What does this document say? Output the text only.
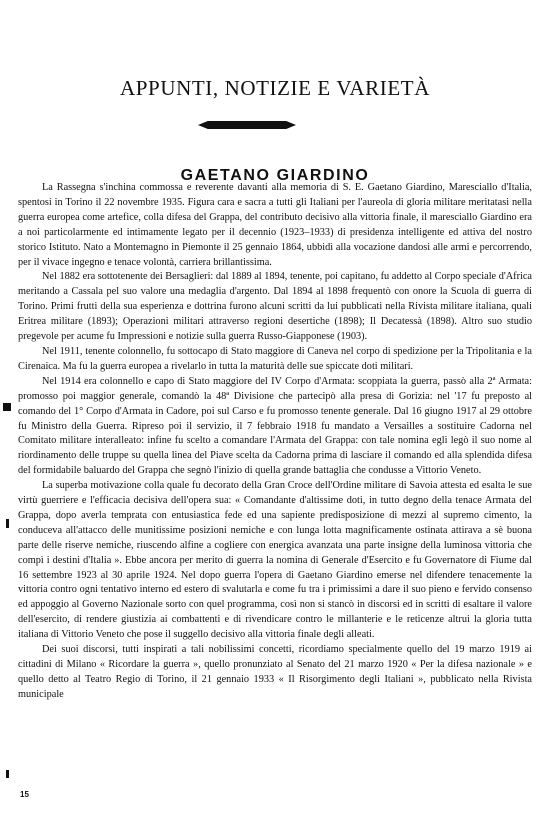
APPUNTI, NOTIZIE E VARIETÀ
GAETANO GIARDINO

La Rassegna s'inchina commossa e reverente davanti alla memoria di S. E. Gaetano Giardino, Maresciallo d'Italia, spentosi in Torino il 22 novembre 1935. Figura cara e sacra a tutti gli Italiani per l'aureola di gloria militare meritatasi nella guerra europea come artefice, colla difesa del Grappa, del contributo decisivo alla vittoria finale, il maresciallo Giardino era a noi particolarmente ed intimamente legato per il decennio (1923–1933) di presidenza intelligente ed attiva del nostro storico Istituto. Nato a Montemagno in Piemonte il 25 gennaio 1864, ubbidì alla vocazione dandosi alle armi e percorrendo, per il vivace ingegno e tenace volontà, carriera brillantissima.

Nel 1882 era sottotenente dei Bersaglieri: dal 1889 al 1894, tenente, poi capitano, fu addetto al Corpo speciale d'Africa meritando a Cassala pel suo valore una medaglia d'argento. Dal 1894 al 1898 frequentò con onore la Scuola di guerra di Torino. Primi frutti della sua esperienza e dottrina furono alcuni scritti da lui pubblicati nella Rivista militare italiana, quali Eritrea militare (1893); Operazioni militari attraverso regioni desertiche (1898); Il Decatessà (1898). Altro suo studio pregevole per acume fu Impressioni e notizie sulla guerra Russo-Giapponese (1903).

Nel 1911, tenente colonnello, fu sottocapo di Stato maggiore di Caneva nel corpo di spedizione per la Tripolitania e la Cirenaica. Ma fu la guerra europea a rivelarlo in tutta la maturità delle sue spiccate doti militari.

Nel 1914 era colonnello e capo di Stato maggiore del IV Corpo d'Armata: scoppiata la guerra, passò alla 2ª Armata: promosso poi maggior generale, comandò la 48ª Divisione che partecipò alla presa di Gorizia: nel '17 fu preposto al comando del 1° Corpo d'Armata in Cadore, poi sul Carso e fu promosso tenente generale. Dal 16 giugno 1917 al 29 ottobre fu Ministro della Guerra. Ripreso poi il servizio, il 7 febbraio 1918 fu mandato a Versailles a sostituire Cadorna nel Comitato militare interalleato: infine fu scelto a comandare l'Armata del Grappa: con tale nomina egli legò il suo nome al riordinamento delle truppe su quella linea del Piave scelta da Cadorna prima di lasciare il comando ed alla splendida difesa del formidabile baluardo del Grappa che segnò l'inizio di quella grande battaglia che condusse a Vittorio Veneto.

La superba motivazione colla quale fu decorato della Gran Croce dell'Ordine militare di Savoia attesta ed esalta le sue virtù guerriere e l'efficacia decisiva dell'opera sua: « Comandante d'altissime doti, in tutto degno della tenace Armata del Grappa, dopo averla temprata con entusiastica fede ed una sapiente predisposizione di mezzi al supremo cimento, la conduceva all'attacco delle munitissime posizioni nemiche e con lunga lotta magnificamente ostinata attirava a sè buona parte delle riserve nemiche, riuscendo alfine a cogliere con energica avanzata una parte insigne della luminosa vittoria che compì i destini d'Italia ». Ebbe ancora per merito di guerra la nomina di Generale d'Esercito e fu Governatore di Fiume dal 16 settembre 1923 al 30 aprile 1924. Nel dopo guerra l'opera di Gaetano Giardino emerse nel difendere tenacemente la vittoria contro ogni tentativo interno ed estero di svalutarla e come fu tra i primissimi a dare il suo pieno e fervido consenso ed appoggio al Governo Nazionale sorto con quel programma, così non si stancò in discorsi ed in scritti di esaltare il valore dell'esercito, di rendere giustizia ai combattenti e di rivendicare contro le millanterie e le reticenze altrui la gloria tutta italiana di Vittorio Veneto che pose il suggello decisivo alla vittoria finale degli alleati.

Dei suoi discorsi, tutti inspirati a tali nobilissimi concetti, ricordiamo specialmente quello del 19 marzo 1919 ai cittadini di Milano « Ricordare la guerra », quello pronunziato al Senato del 21 marzo 1920 « Per la difesa nazionale » e quello detto al Teatro Regio di Torino, il 21 gennaio 1933 « Il Risorgimento degli Italiani », pubblicato nella Rivista municipale

15
